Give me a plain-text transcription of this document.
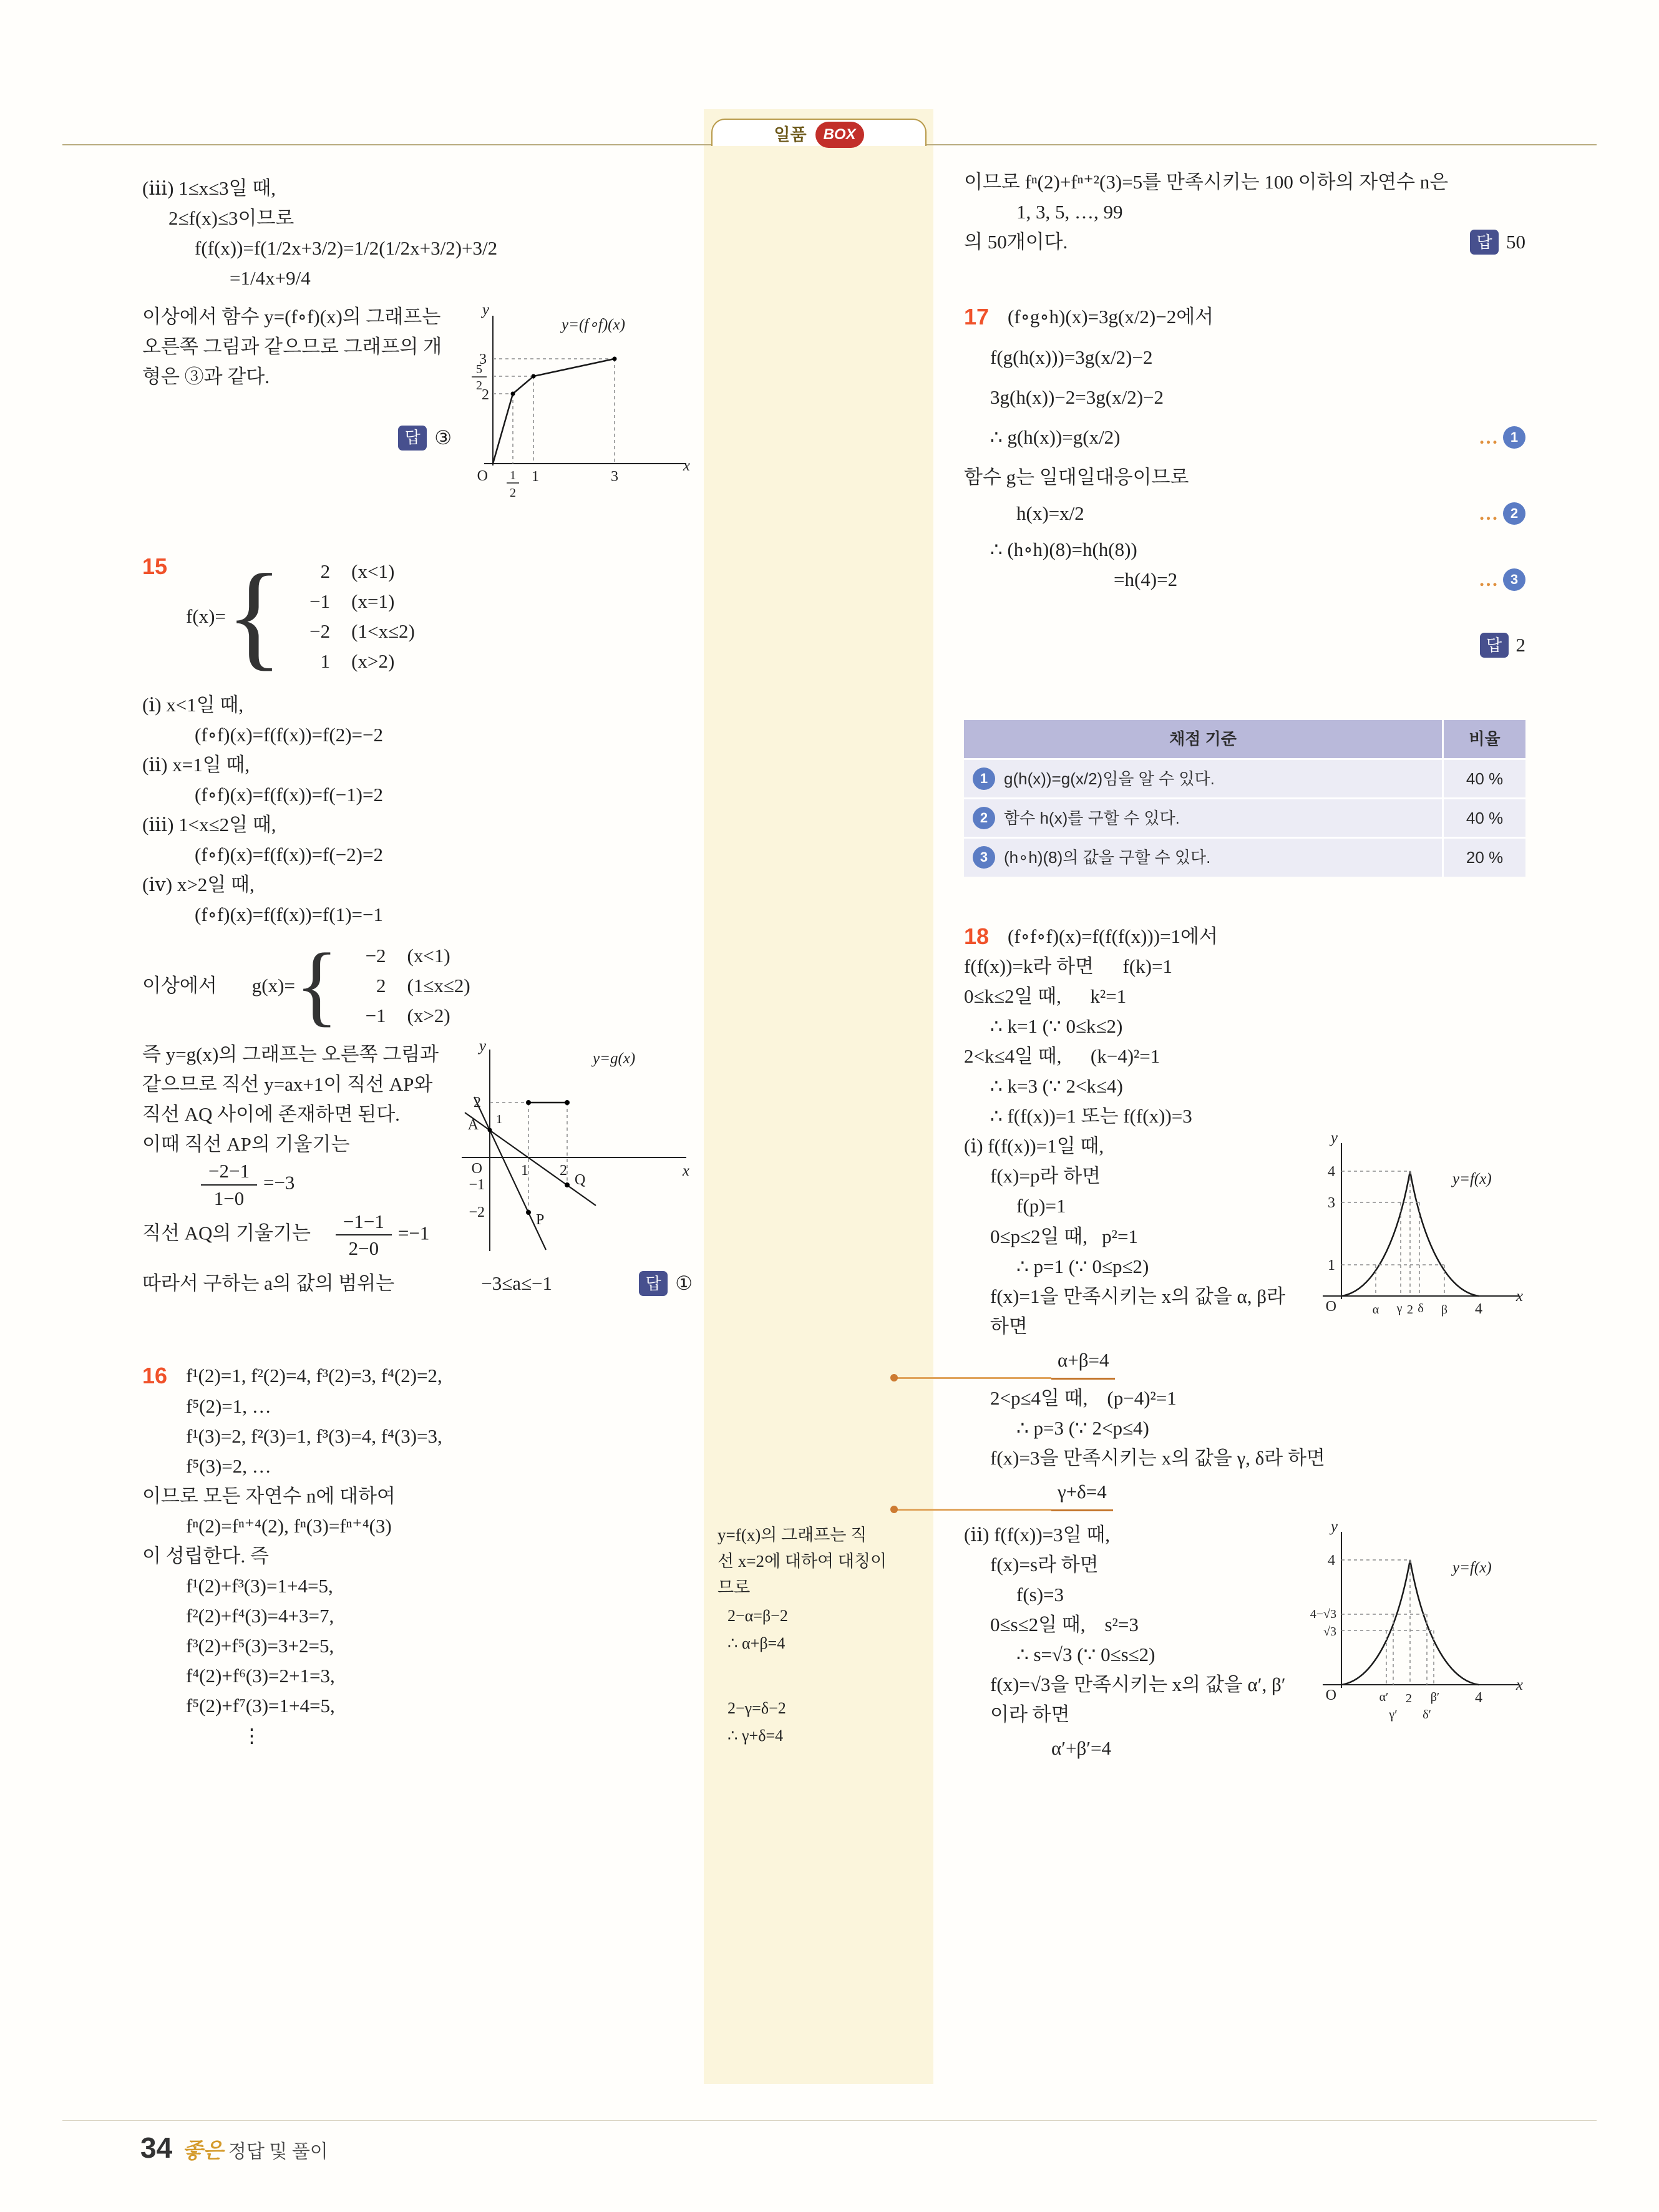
일품	BOX
(ⅲ) 1≤x≤3일 때,
2≤f(x)≤3이므로
f(f(x))=f(1/2x+3/2)=1/2(1/2x+3/2)+3/2
=1/4x+9/4
y=(f∘f)(x)
3
5
2
2
1
2
1	3
O
y
x
이상에서 함수 y=(f∘f)(x)의 그래프는 오른쪽 그림과 같으므로 그래프의 개형은 ③과 같다.

답 ③

15
f(x)= {	2 (x<1)
−1 (x=1)
−2 (1<x≤2)
1 (x>2)
(ⅰ) x<1일 때,
(f∘f)(x)=f(f(x))=f(2)=−2
(ⅱ) x=1일 때,
(f∘f)(x)=f(f(x))=f(−1)=2
(ⅲ) 1<x≤2일 때,
(f∘f)(x)=f(f(x))=f(−2)=2
(ⅳ) x>2일 때,
(f∘f)(x)=f(f(x))=f(1)=−1
이상에서 g(x)= {	−2 (x<1)
2 (1≤x≤2)
−1 (x>2)
y=g(x)
2
1
A
1 2
−1
−2	P
Q
O
y
x
즉 y=g(x)의 그래프는 오른쪽 그림과 같으므로 직선 y=ax+1이 직선 AP와 직선 AQ 사이에 존재하면 된다.
이때 직선 AP의 기울기는
$\frac{-2-1}{1-0} =-3$
직선 AQ의 기울기는 $\frac{-1-1}{2-0} =-1$
따라서 구하는 a의 값의 범위는	−3≤a≤−1	답 ①
16 f¹(2)=1, f²(2)=4, f³(2)=3, f⁴(2)=2,
f⁵(2)=1, …
f¹(3)=2, f²(3)=1, f³(3)=4, f⁴(3)=3,
f⁵(3)=2, …
이므로 모든 자연수 n에 대하여
fⁿ(2)=fⁿ⁺⁴(2), fⁿ(3)=fⁿ⁺⁴(3)
이 성립한다. 즉
f¹(2)+f³(3)=1+4=5,
f²(2)+f⁴(3)=4+3=7,
f³(2)+f⁵(3)=3+2=5,
f⁴(2)+f⁶(3)=2+1=3,
f⁵(2)+f⁷(3)=1+4=5,
⋮
이므로 fⁿ(2)+fⁿ⁺²(3)=5를 만족시키는 100 이하의 자연수 n은
1, 3, 5, …, 99
의 50개이다.	답 50
17 (f∘g∘h)(x)=3g(x/2)−2에서
f(g(h(x)))=3g(x/2)−2
3g(h(x))−2=3g(x/2)−2
∴ g(h(x))=g(x/2)	… 1
함수 g는 일대일대응이므로
h(x)=x/2	… 2
∴ (h∘h)(8)=h(h(8))
=h(4)=2	… 3

답 2

채점 기준	비율
1 g(h(x))=g(x/2)임을 알 수 있다.	40 %
2 함수 h(x)를 구할 수 있다.	40 %
3 (h∘h)(8)의 값을 구할 수 있다.	20 %
18 (f∘f∘f)(x)=f(f(f(x)))=1에서
f(f(x))=k라 하면      f(k)=1
0≤k≤2일 때,      k²=1
∴ k=1 (∵ 0≤k≤2)
2<k≤4일 때,      (k−4)²=1
∴ k=3 (∵ 2<k≤4)
∴ f(f(x))=1 또는 f(f(x))=3
y=f(x)
4
3
1
α γ 2 δ β 4
O
y
x
(ⅰ) f(f(x))=1일 때,
f(x)=p라 하면
f(p)=1
0≤p≤2일 때,   p²=1
∴ p=1 (∵ 0≤p≤2)
f(x)=1을 만족시키는 x의 값을 α, β라 하면
α+β=4
2<p≤4일 때,    (p−4)²=1
∴ p=3 (∵ 2<p≤4)
f(x)=3을 만족시키는 x의 값을 γ, δ라 하면
γ+δ=4
y=f(x)
4
4−√3
√3
α′ 2 β′ 4
γ′ δ′
O
y
x
(ⅱ) f(f(x))=3일 때,
f(x)=s라 하면
f(s)=3
0≤s≤2일 때,    s²=3
∴ s=√3 (∵ 0≤s≤2)
f(x)=√3을 만족시키는 x의 값을 α′, β′이라 하면
α′+β′=4
y=f(x)의 그래프는 직
선 x=2에 대하여 대칭이
므로
2−α=β−2
∴ α+β=4
2−γ=δ−2
∴ γ+δ=4
34 좋은 정답 및 풀이
